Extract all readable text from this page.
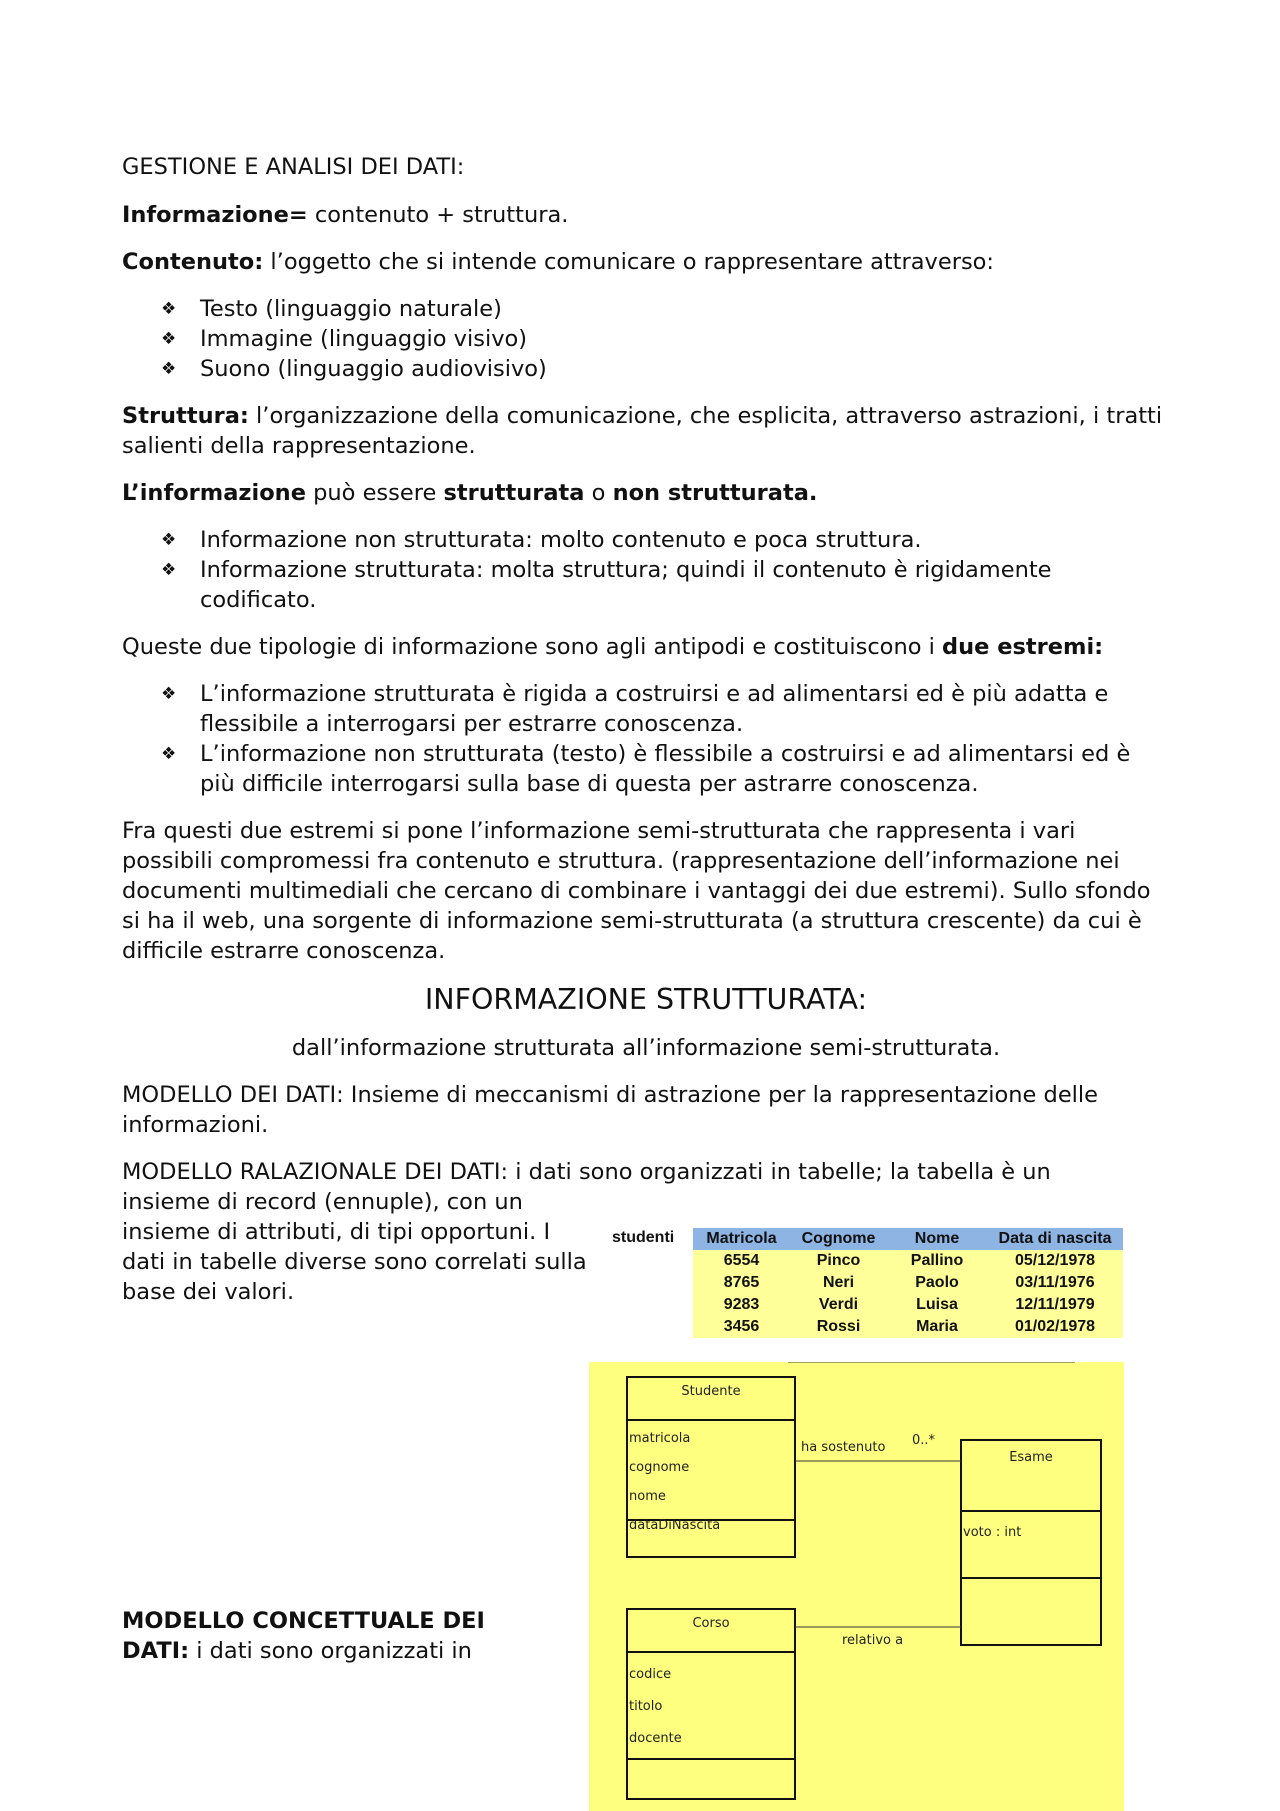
GESTIONE E ANALISI DEI DATI:

Informazione= contenuto + struttura.

Contenuto: l’oggetto che si intende comunicare o rappresentare attraverso:

❖ Testo (linguaggio naturale)
❖ Immagine (linguaggio visivo)
❖ Suono (linguaggio audiovisivo)

Struttura: l’organizzazione della comunicazione, che esplicita, attraverso astrazioni, i tratti salienti della rappresentazione.

L’informazione può essere strutturata o non strutturata.

❖ Informazione non strutturata: molto contenuto e poca struttura.
❖ Informazione strutturata: molta struttura; quindi il contenuto è rigidamente codificato.

Queste due tipologie di informazione sono agli antipodi e costituiscono i due estremi:

❖ L’informazione strutturata è rigida a costruirsi e ad alimentarsi ed è più adatta e flessibile a interrogarsi per estrarre conoscenza.
❖ L’informazione non strutturata (testo) è flessibile a costruirsi e ad alimentarsi ed è più difficile interrogarsi sulla base di questa per astrarre conoscenza.

Fra questi due estremi si pone l’informazione semi-strutturata che rappresenta i vari possibili compromessi fra contenuto e struttura. (rappresentazione dell’informazione nei documenti multimediali che cercano di combinare i vantaggi dei due estremi). Sullo sfondo si ha il web, una sorgente di informazione semi-strutturata (a struttura crescente) da cui è difficile estrarre conoscenza.

INFORMAZIONE STRUTTURATA:

dall’informazione strutturata all’informazione semi-strutturata.

MODELLO DEI DATI: Insieme di meccanismi di astrazione per la rappresentazione delle informazioni.

MODELLO RALAZIONALE DEI DATI: i dati sono organizzati in tabelle; la tabella è un
insieme di record (ennuple), con un insieme di attributi, di tipi opportuni. I dati in tabelle diverse sono correlati sulla base dei valori.
studenti Matricola	Cognome	Nome	Data di nascita
6554	Pinco	Pallino	05/12/1978
8765	Neri	Paolo	03/11/1976
9283	Verdi	Luisa	12/11/1979
3456	Rossi	Maria	01/02/1978
Studente
matricola
cognome
nome
dataDiNascita
Esame
voto : int
Corso
codice
titolo
docente
ha sostenuto 0..*
relativo a
MODELLO CONCETTUALE DEI DATI: i dati sono organizzati in
